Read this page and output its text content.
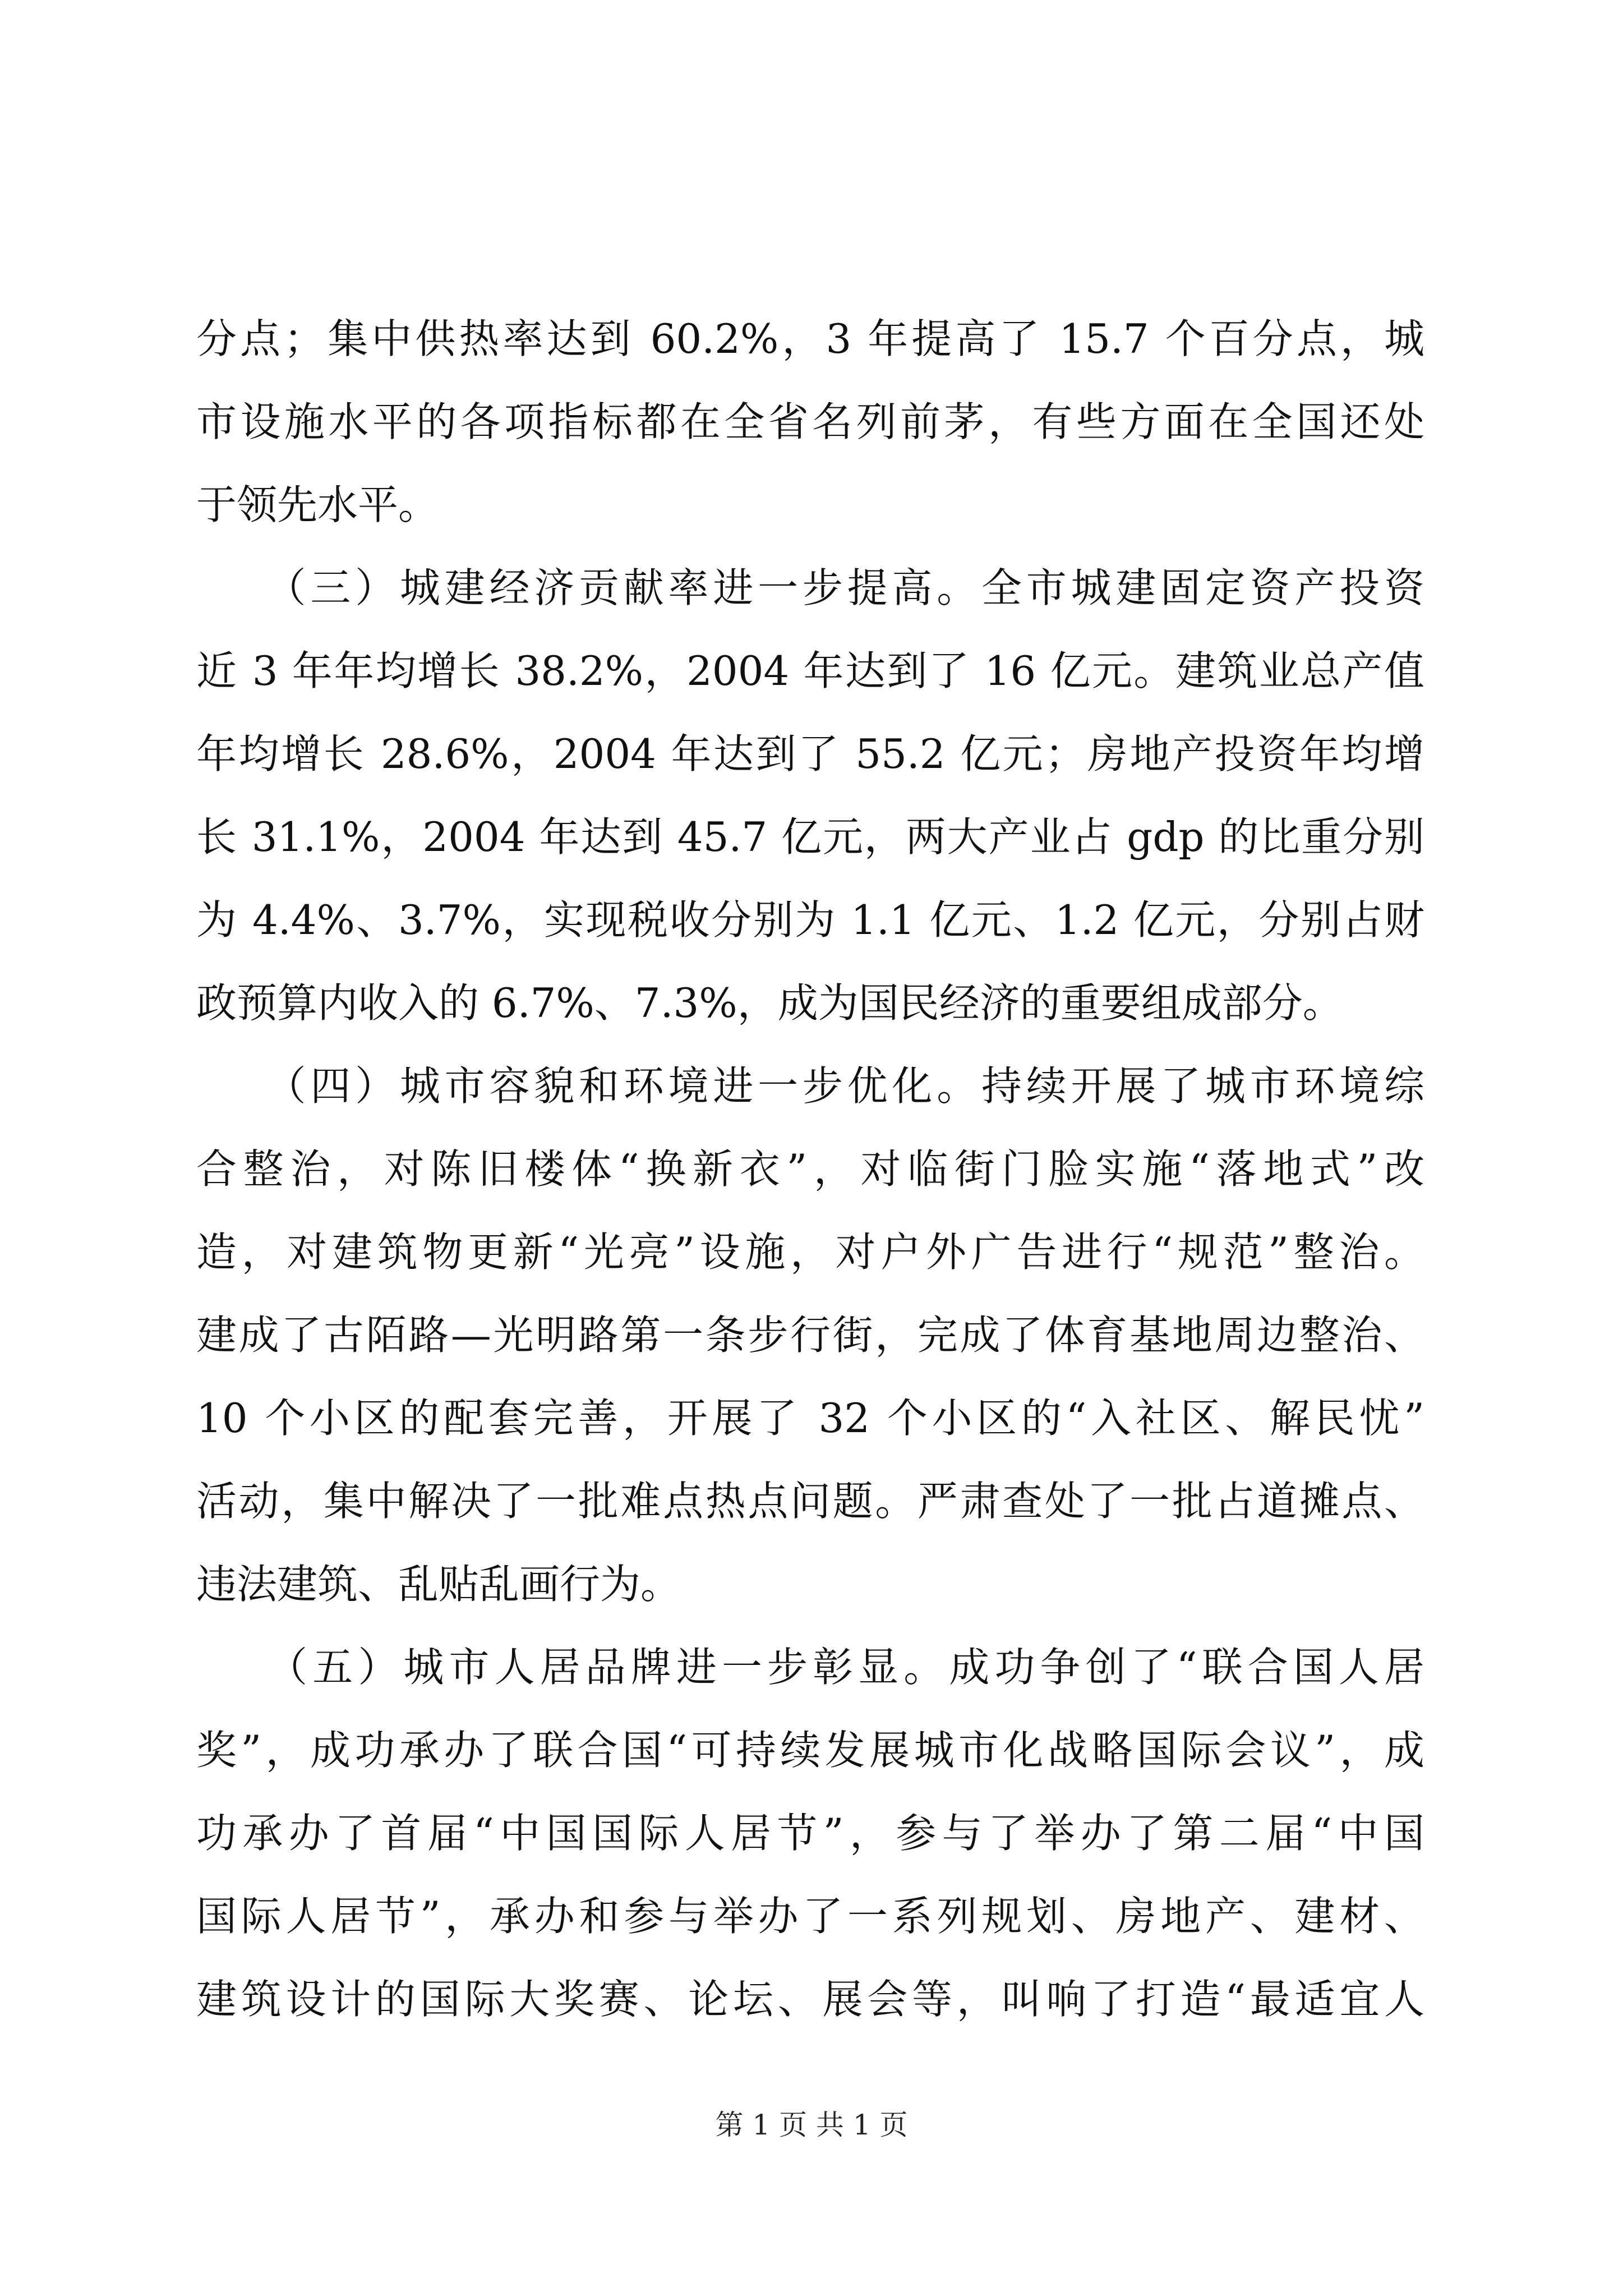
分点；集中供热率达到 60.2%，3 年提高了 15.7 个百分点，城
市设施水平的各项指标都在全省名列前茅，有些方面在全国还处
于领先水平。
　　（三）城建经济贡献率进一步提高。全市城建固定资产投资
近 3 年年均增长 38.2%，2004 年达到了 16 亿元。建筑业总产值
年均增长 28.6%，2004 年达到了 55.2 亿元；房地产投资年均增
长 31.1%，2004 年达到 45.7 亿元，两大产业占 gdp 的比重分别
为 4.4%、3.7%，实现税收分别为 1.1 亿元、1.2 亿元，分别占财
政预算内收入的 6.7%、7.3%，成为国民经济的重要组成部分。
　　（四）城市容貌和环境进一步优化。持续开展了城市环境综
合整治，对陈旧楼体“换新衣”，对临街门脸实施“落地式”改
造，对建筑物更新“光亮”设施，对户外广告进行“规范”整治。
建成了古陌路—光明路第一条步行街，完成了体育基地周边整治、
10 个小区的配套完善，开展了 32 个小区的“入社区、解民忧”
活动，集中解决了一批难点热点问题。严肃查处了一批占道摊点、
违法建筑、乱贴乱画行为。
　　（五）城市人居品牌进一步彰显。成功争创了“联合国人居
奖”，成功承办了联合国“可持续发展城市化战略国际会议”，成
功承办了首届“中国国际人居节”，参与了举办了第二届“中国
国际人居节”，承办和参与举办了一系列规划、房地产、建材、
建筑设计的国际大奖赛、论坛、展会等，叫响了打造“最适宜人
第 1 页 共 1 页
